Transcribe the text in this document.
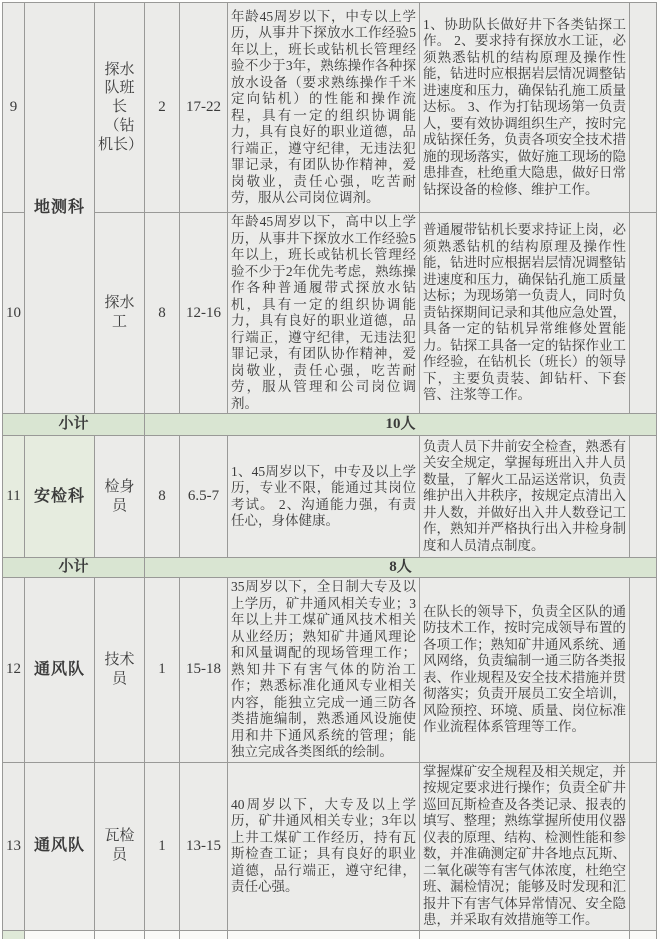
9	地测科	探水队班长（钻机长）	2	17-22	年龄45周岁以下，中专以上学历，从事井下探放水工作经验5年以上，班长或钻机长管理经验不少于3年，熟练操作各种探放水设备（要求熟练操作千米定向钻机）的性能和操作流程，具有一定的组织协调能力，具有良好的职业道德，品行端正，遵守纪律，无违法犯罪记录，有团队协作精神，爱岗敬业，责任心强，吃苦耐劳，服从公司岗位调剂。	1、协助队长做好井下各类钻探工作。 2、要求持有探放水工证，必须熟悉钻机的结构原理及操作性能，钻进时应根据岩层情况调整钻进速度和压力，确保钻孔施工质量达标。 3、作为打钻现场第一负责人，要有效协调组织生产，按时完成钻探任务，负责各项安全技术措施的现场落实，做好施工现场的隐患排查，杜绝重大隐患，做好日常钻探设备的检修、维护工作。	
10		探水工	8	12-16	年龄45周岁以下，高中以上学历，从事井下探放水工作经验5年以上，班长或钻机长管理经验不少于2年优先考虑，熟练操作各种普通履带式探放水钻机，具有一定的组织协调能力，具有良好的职业道德，品行端正，遵守纪律，无违法犯罪记录，有团队协作精神，爱岗敬业，责任心强，吃苦耐劳，服从管理和公司岗位调剂。	普通履带钻机长要求持证上岗，必须熟悉钻机的结构原理及操作性能，钻进时应根据岩层情况调整钻进速度和压力，确保钻孔施工质量达标；为现场第一负责人，同时负责钻探期间记录和其他应急处置，具备一定的钻机异常维修处置能力。钻探工具备一定的钻探作业工作经验，在钻机长（班长）的领导下，主要负责装、卸钻杆、下套管、注浆等工作。	
小计			10人				
11	安检科	检身员	8	6.5-7	1、45周岁以下，中专及以上学历，专业不限，能通过其岗位考试。 2、沟通能力强，有责任心，身体健康。	负责人员下井前安全检查，熟悉有关安全规定，掌握每班出入井人员数量，了解火工品运送常识，负责维护出入井秩序，按规定点清出入井人数，并做好出入井人数登记工作，熟知并严格执行出入井检身制度和人员清点制度。	
小计			8人				
12	通风队	技术员	1	15-18	35周岁以下，全日制大专及以上学历，矿井通风相关专业；3年以上井工煤矿通风技术相关从业经历；熟知矿井通风理论和风量调配的现场管理工作；熟知井下有害气体的防治工作；熟悉标准化通风专业相关内容，能独立完成一通三防各类措施编制，熟悉通风设施使用和井下通风系统的管理；能独立完成各类图纸的绘制。	在队长的领导下，负责全区队的通防技术工作，按时完成领导布置的各项工作；熟知矿井通风系统、通风网络，负责编制一通三防各类报表、作业规程及安全技术措施并贯彻落实；负责开展员工安全培训，风险预控、环境、质量、岗位标准作业流程体系管理等工作。	
13	通风队	瓦检员	1	13-15	40周岁以下，大专及以上学历，矿井通风相关专业；3年以上井工煤矿工作经历，持有瓦斯检查工证；具有良好的职业道德，品行端正，遵守纪律，责任心强。	掌握煤矿安全规程及相关规定，并按规定要求进行操作；负责全矿井巡回瓦斯检查及各类记录、报表的填写、整理；熟练掌握所使用仪器仪表的原理、结构、检测性能和参数，并准确测定矿井各地点瓦斯、二氧化碳等有害气体浓度，杜绝空班、漏检情况；能够及时发现和汇报井下有害气体异常情况、安全隐患，并采取有效措施等工作。	
